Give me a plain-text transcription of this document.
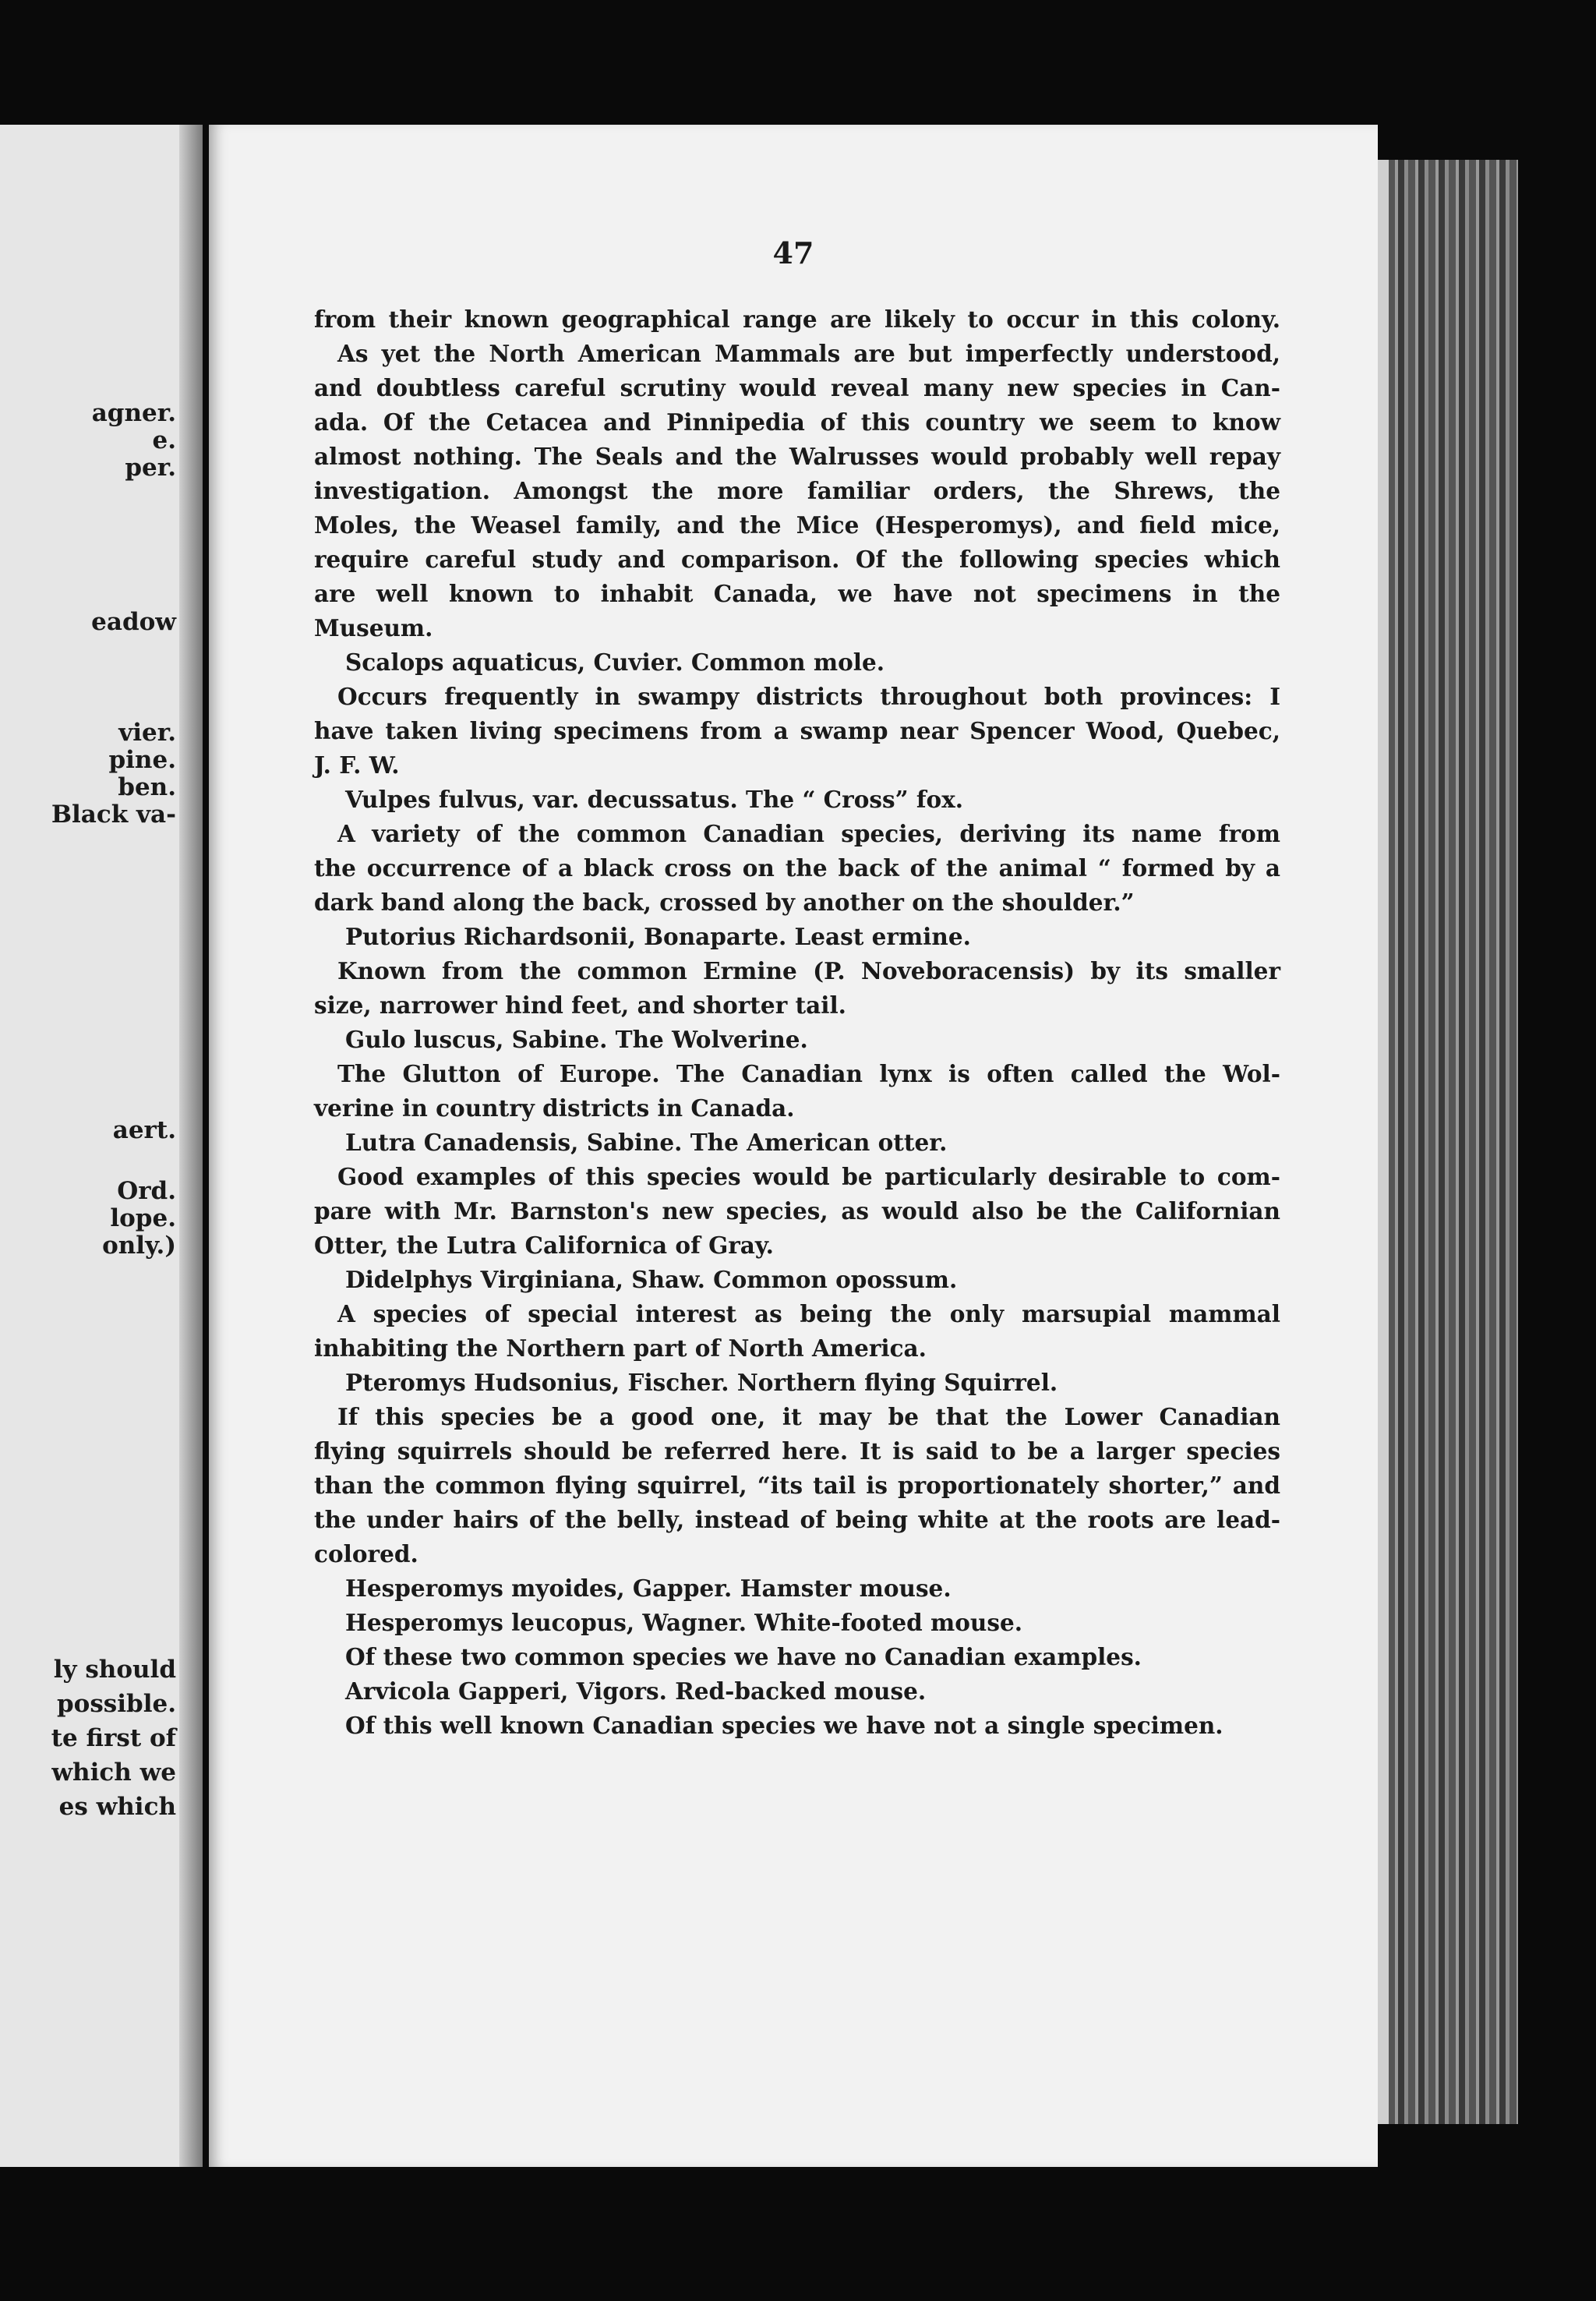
agner.

e.

per.

eadow

vier.

pine.

ben.

Black va-

aert.

Ord.

lope.

only.)

ly should

possible.

te first of

which we

es which

47

from their known geographical range are likely to occur in this colony.

As yet the North American Mammals are but imperfectly understood,

and doubtless careful scrutiny would reveal many new species in Can-

ada. Of the Cetacea and Pinnipedia of this country we seem to know

almost nothing. The Seals and the Walrusses would probably well repay

investigation. Amongst the more familiar orders, the Shrews, the

Moles, the Weasel family, and the Mice (Hesperomys), and field mice,

require careful study and comparison. Of the following species which

are well known to inhabit Canada, we have not specimens in the

Museum.

Scalops aquaticus, Cuvier. Common mole.

Occurs frequently in swampy districts throughout both provinces: I

have taken living specimens from a swamp near Spencer Wood, Quebec,

J. F. W.

Vulpes fulvus, var. decussatus. The “ Cross” fox.

A variety of the common Canadian species, deriving its name from

the occurrence of a black cross on the back of the animal “ formed by a

dark band along the back, crossed by another on the shoulder.”

Putorius Richardsonii, Bonaparte. Least ermine.

Known from the common Ermine (P. Noveboracensis) by its smaller

size, narrower hind feet, and shorter tail.

Gulo luscus, Sabine. The Wolverine.

The Glutton of Europe. The Canadian lynx is often called the Wol-

verine in country districts in Canada.

Lutra Canadensis, Sabine. The American otter.

Good examples of this species would be particularly desirable to com-

pare with Mr. Barnston's new species, as would also be the Californian

Otter, the Lutra Californica of Gray.

Didelphys Virginiana, Shaw. Common opossum.

A species of special interest as being the only marsupial mammal

inhabiting the Northern part of North America.

Pteromys Hudsonius, Fischer. Northern flying Squirrel.

If this species be a good one, it may be that the Lower Canadian

flying squirrels should be referred here. It is said to be a larger species

than the common flying squirrel, “its tail is proportionately shorter,” and

the under hairs of the belly, instead of being white at the roots are lead-

colored.

Hesperomys myoides, Gapper. Hamster mouse.

Hesperomys leucopus, Wagner. White-footed mouse.

Of these two common species we have no Canadian examples.

Arvicola Gapperi, Vigors. Red-backed mouse.

Of this well known Canadian species we have not a single specimen.
